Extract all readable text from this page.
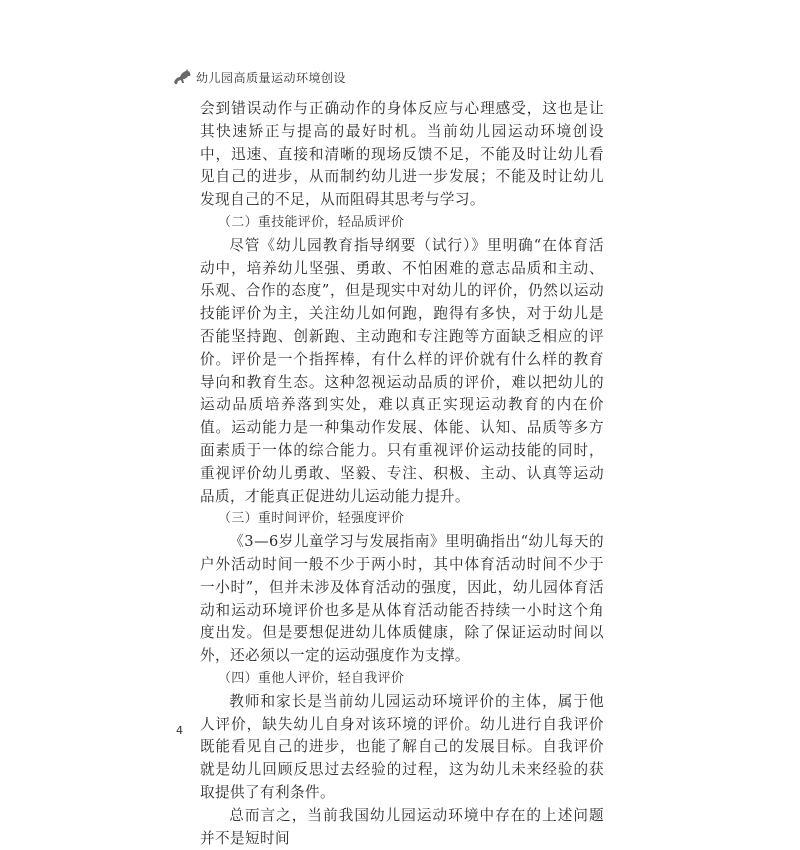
幼儿园高质量运动环境创设

会到错误动作与正确动作的身体反应与心理感受，这也是让其快速矫正与提高的最好时机。当前幼儿园运动环境创设中，迅速、直接和清晰的现场反馈不足，不能及时让幼儿看见自己的进步，从而制约幼儿进一步发展；不能及时让幼儿发现自己的不足，从而阻碍其思考与学习。

（二）重技能评价，轻品质评价

尽管《幼儿园教育指导纲要（试行）》里明确“在体育活动中，培养幼儿坚强、勇敢、不怕困难的意志品质和主动、乐观、合作的态度”，但是现实中对幼儿的评价，仍然以运动技能评价为主，关注幼儿如何跑，跑得有多快，对于幼儿是否能坚持跑、创新跑、主动跑和专注跑等方面缺乏相应的评价。评价是一个指挥棒，有什么样的评价就有什么样的教育导向和教育生态。这种忽视运动品质的评价，难以把幼儿的运动品质培养落到实处，难以真正实现运动教育的内在价值。运动能力是一种集动作发展、体能、认知、品质等多方面素质于一体的综合能力。只有重视评价运动技能的同时，重视评价幼儿勇敢、坚毅、专注、积极、主动、认真等运动品质，才能真正促进幼儿运动能力提升。

（三）重时间评价，轻强度评价

《3—6岁儿童学习与发展指南》里明确指出“幼儿每天的户外活动时间一般不少于两小时，其中体育活动时间不少于一小时”，但并未涉及体育活动的强度，因此，幼儿园体育活动和运动环境评价也多是从体育活动能否持续一小时这个角度出发。但是要想促进幼儿体质健康，除了保证运动时间以外，还必须以一定的运动强度作为支撑。

（四）重他人评价，轻自我评价

教师和家长是当前幼儿园运动环境评价的主体，属于他人评价，缺失幼儿自身对该环境的评价。幼儿进行自我评价既能看见自己的进步，也能了解自己的发展目标。自我评价就是幼儿回顾反思过去经验的过程，这为幼儿未来经验的获取提供了有利条件。

总而言之，当前我国幼儿园运动环境中存在的上述问题并不是短时间

4
